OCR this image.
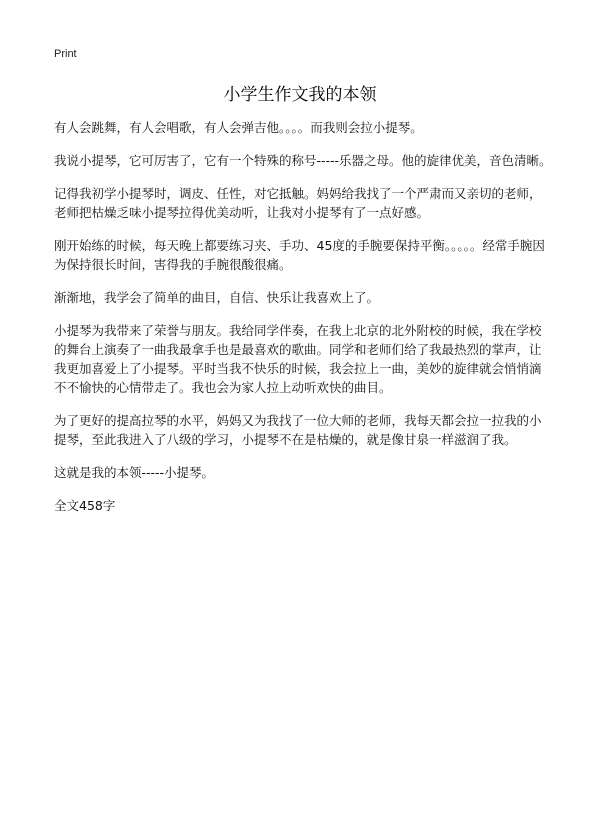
Print
小学生作文我的本领

有人会跳舞，有人会唱歌，有人会弹吉他。。。。而我则会拉小提琴。

我说小提琴，它可厉害了，它有一个特殊的称号-----乐器之母。他的旋律优美，音色清晰。

记得我初学小提琴时，调皮、任性，对它抵触。妈妈给我找了一个严肃而又亲切的老师，老师把枯燥乏味小提琴拉得优美动听，让我对小提琴有了一点好感。

刚开始练的时候，每天晚上都要练习夹、手功、45度的手腕要保持平衡。。。。。经常手腕因为保持很长时间，害得我的手腕很酸很痛。

渐渐地，我学会了简单的曲目，自信、快乐让我喜欢上了。

小提琴为我带来了荣誉与朋友。我给同学伴奏，在我上北京的北外附校的时候，我在学校的舞台上演奏了一曲我最拿手也是最喜欢的歌曲。同学和老师们给了我最热烈的掌声，让我更加喜爱上了小提琴。平时当我不快乐的时候，我会拉上一曲，美妙的旋律就会悄悄滴不不愉快的心情带走了。我也会为家人拉上动听欢快的曲目。

为了更好的提高拉琴的水平，妈妈又为我找了一位大师的老师，我每天都会拉一拉我的小提琴，至此我进入了八级的学习，小提琴不在是枯燥的，就是像甘泉一样滋润了我。

这就是我的本领-----小提琴。

全文458字
